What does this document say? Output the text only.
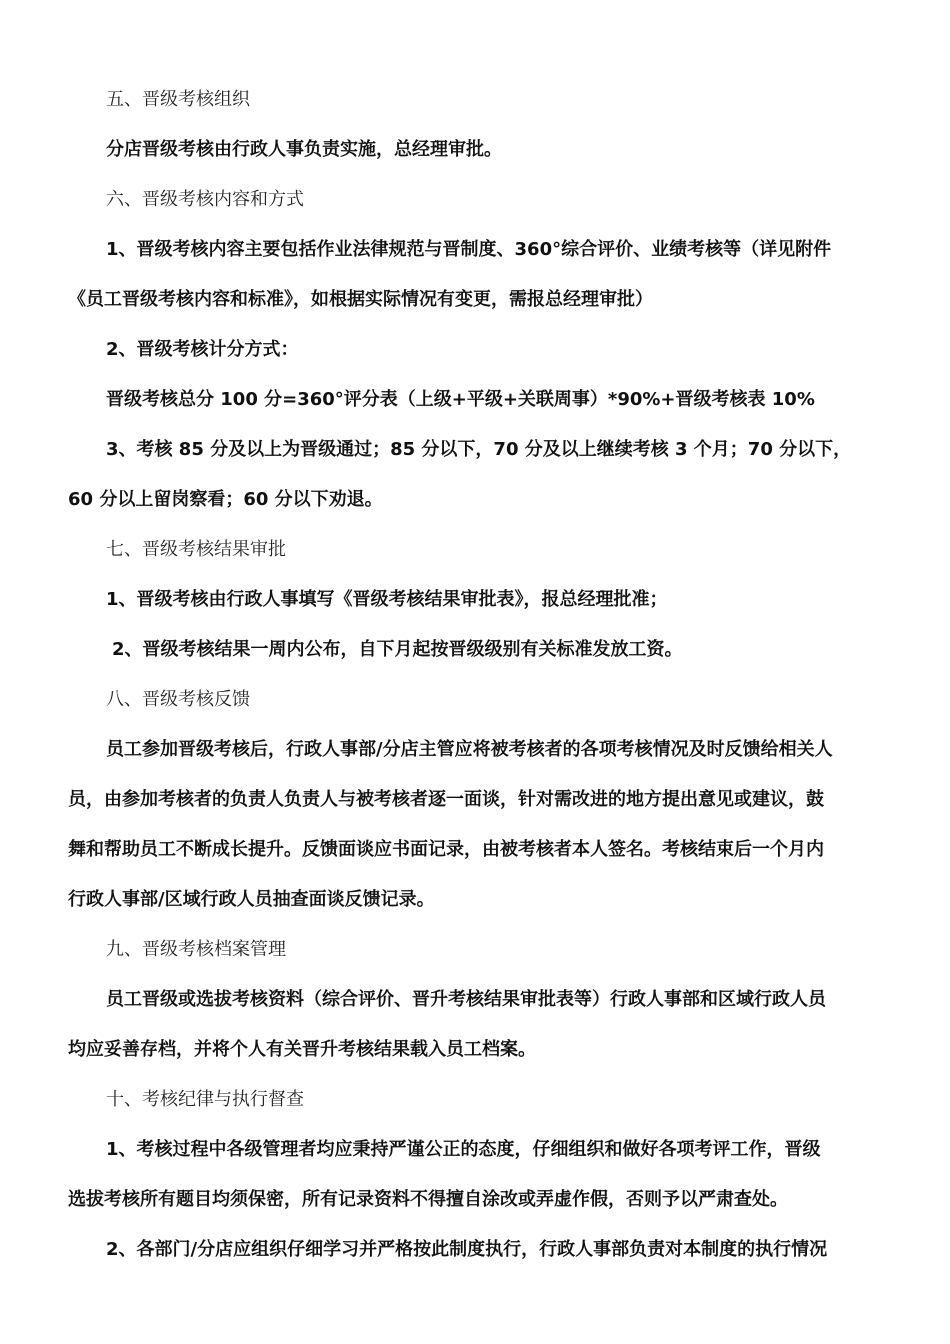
五、晋级考核组织
分店晋级考核由行政人事负责实施，总经理审批。
六、晋级考核内容和方式
1、晋级考核内容主要包括作业法律规范与晋制度、360°综合评价、业绩考核等（详见附件
《员工晋级考核内容和标准》，如根据实际情况有变更，需报总经理审批）
2、晋级考核计分方式：
晋级考核总分 100 分=360°评分表（上级+平级+关联周事）*90%+晋级考核表 10%
3、考核 85 分及以上为晋级通过；85 分以下，70 分及以上继续考核 3 个月；70 分以下，
60 分以上留岗察看；60 分以下劝退。
七、晋级考核结果审批
1、晋级考核由行政人事填写《晋级考核结果审批表》，报总经理批准；
2、晋级考核结果一周内公布，自下月起按晋级级别有关标准发放工资。
八、晋级考核反馈
员工参加晋级考核后，行政人事部/分店主管应将被考核者的各项考核情况及时反馈给相关人
员，由参加考核者的负责人负责人与被考核者逐一面谈，针对需改进的地方提出意见或建议，鼓
舞和帮助员工不断成长提升。反馈面谈应书面记录，由被考核者本人签名。考核结束后一个月内
行政人事部/区域行政人员抽查面谈反馈记录。
九、晋级考核档案管理
员工晋级或选拔考核资料（综合评价、晋升考核结果审批表等）行政人事部和区域行政人员
均应妥善存档，并将个人有关晋升考核结果载入员工档案。
十、考核纪律与执行督查
1、考核过程中各级管理者均应秉持严谨公正的态度，仔细组织和做好各项考评工作，晋级
选拔考核所有题目均须保密，所有记录资料不得擅自涂改或弄虚作假，否则予以严肃查处。
2、各部门/分店应组织仔细学习并严格按此制度执行，行政人事部负责对本制度的执行情况
